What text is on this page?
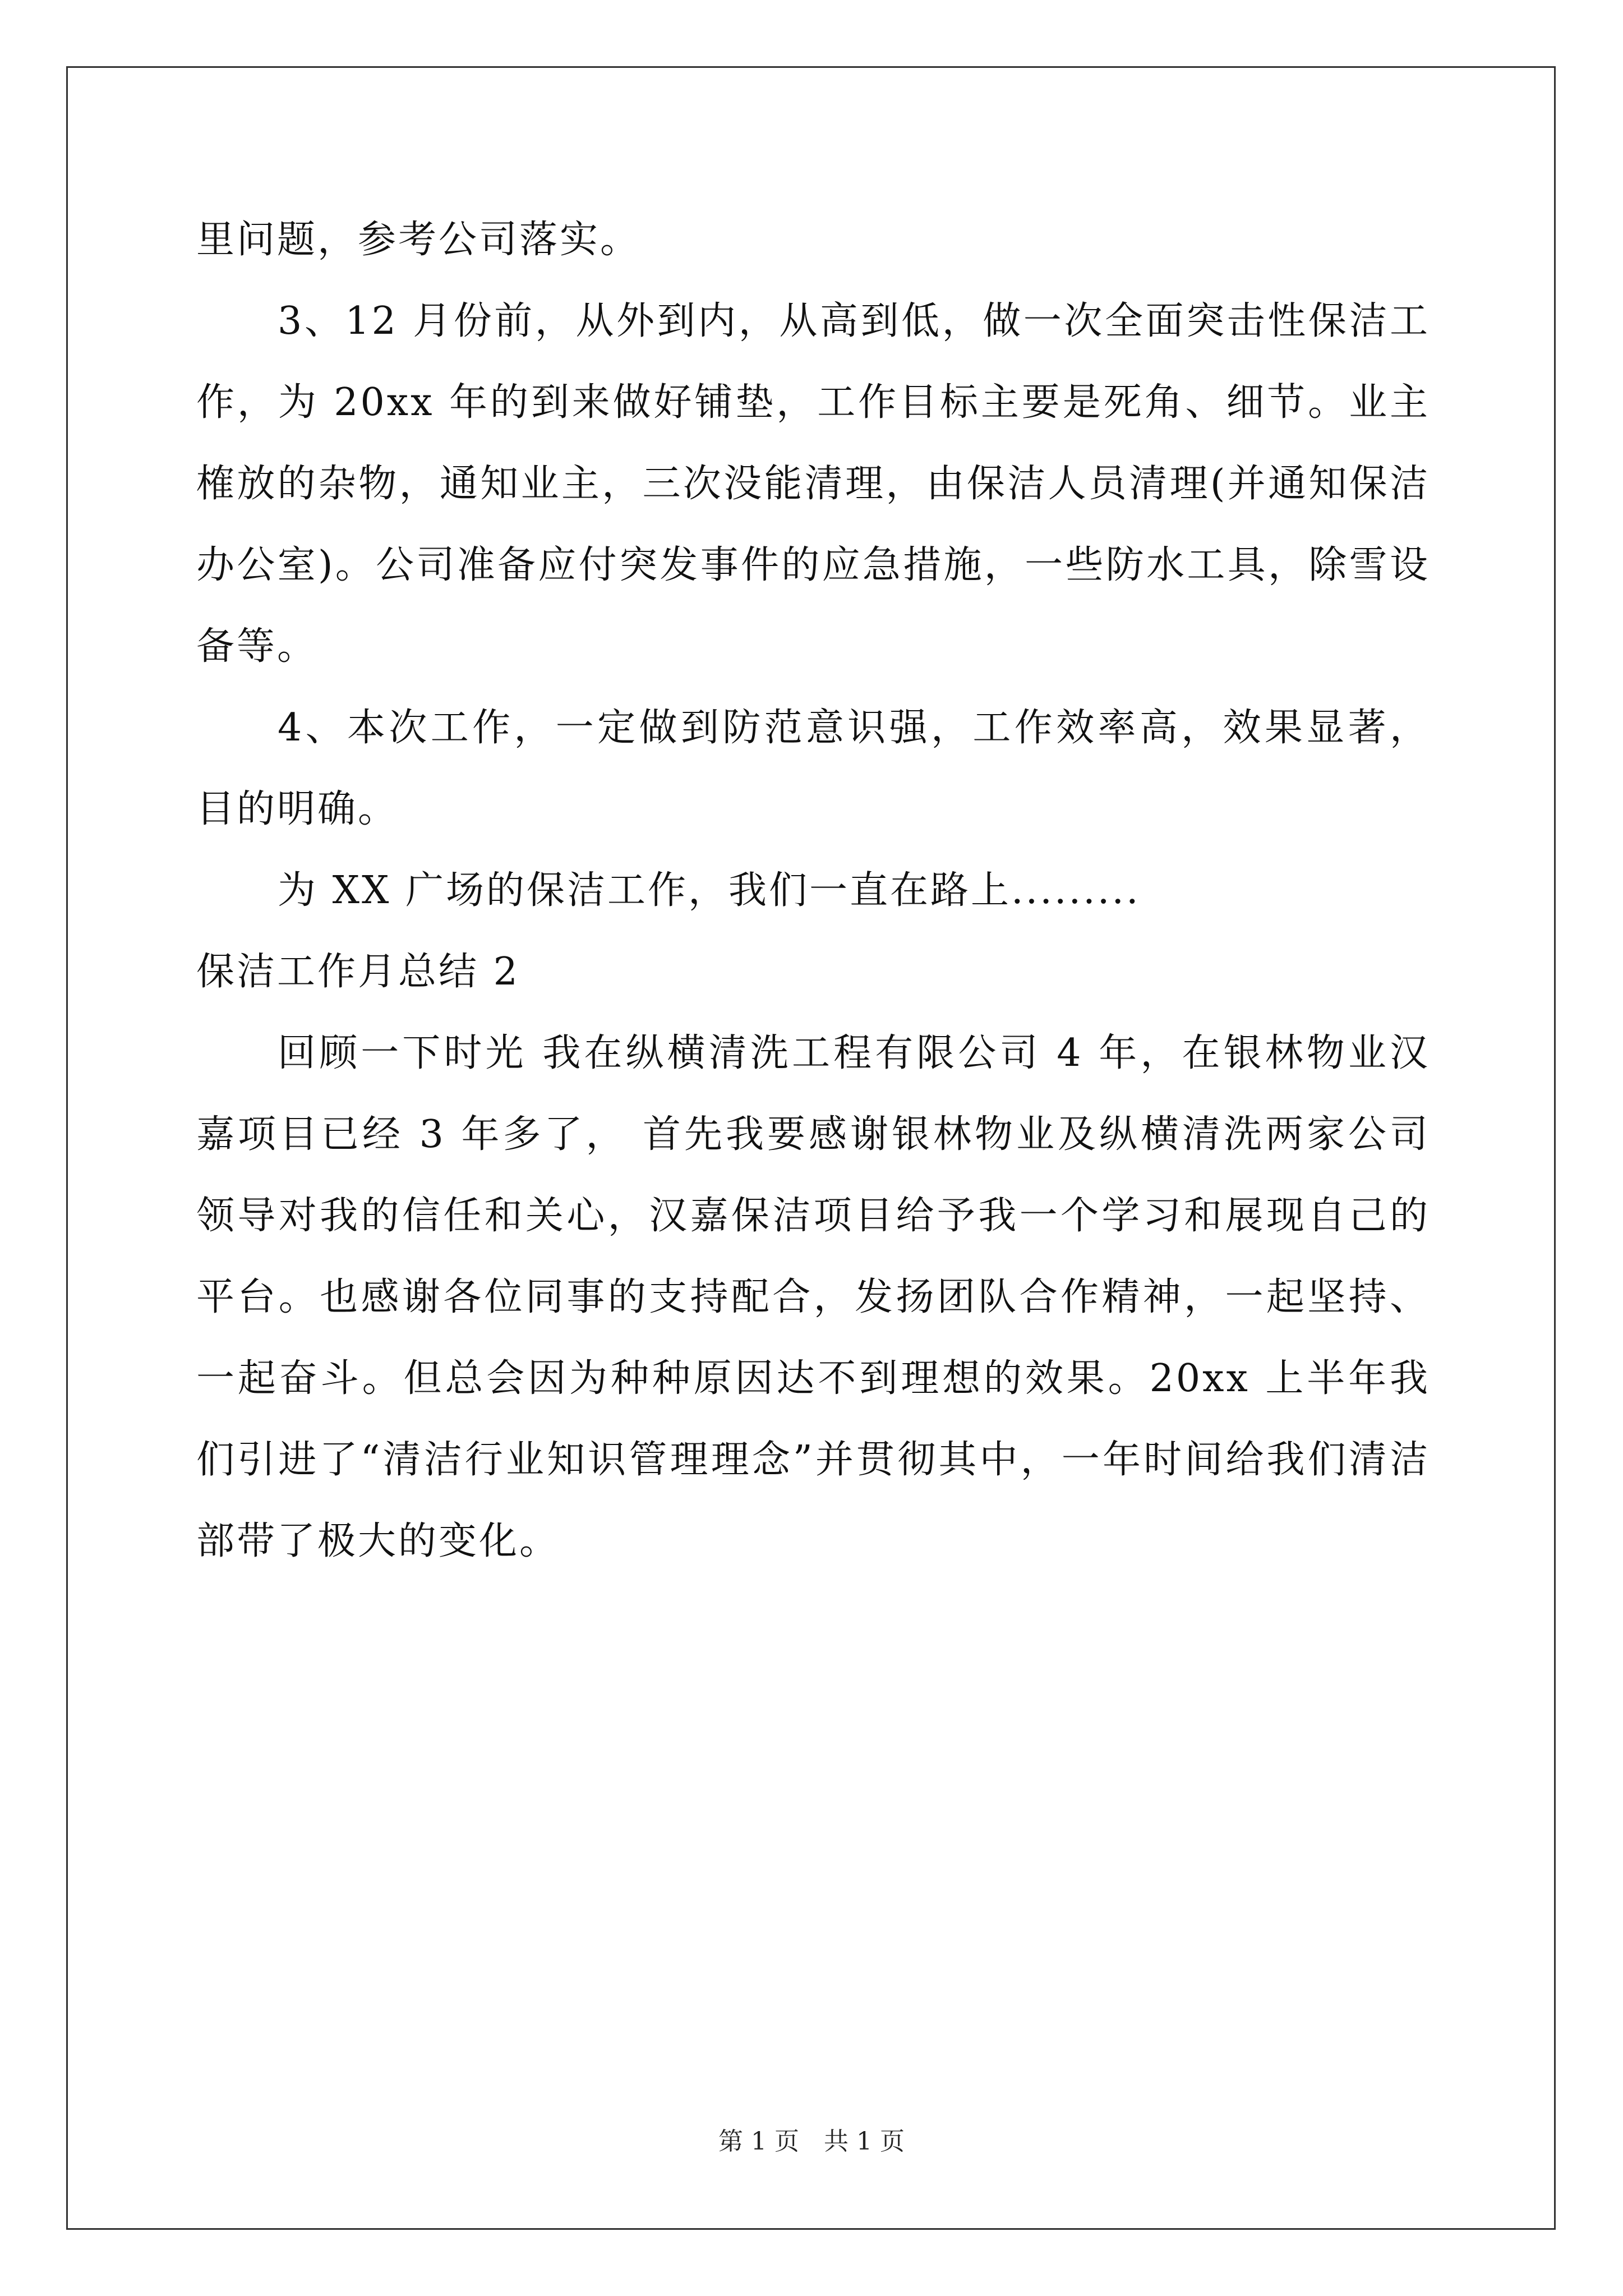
里问题，参考公司落实。

3、12 月份前，从外到内，从高到低，做一次全面突击性保洁工作，为 20xx 年的到来做好铺垫，工作目标主要是死角、细节。业主榷放的杂物，通知业主，三次没能清理，由保洁人员清理(并通知保洁办公室)。公司准备应付突发事件的应急措施，一些防水工具，除雪设备等。

4、本次工作，一定做到防范意识强，工作效率高，效果显著，目的明确。

为 XX 广场的保洁工作，我们一直在路上.........

保洁工作月总结 2

回顾一下时光 我在纵横清洗工程有限公司 4 年，在银林物业汉嘉项目已经 3 年多了， 首先我要感谢银林物业及纵横清洗两家公司领导对我的信任和关心，汉嘉保洁项目给予我一个学习和展现自己的平台。也感谢各位同事的支持配合，发扬团队合作精神，一起坚持、一起奋斗。但总会因为种种原因达不到理想的效果。20xx 上半年我们引进了“清洁行业知识管理理念”并贯彻其中，一年时间给我们清洁部带了极大的变化。

第 1 页　共 1 页
